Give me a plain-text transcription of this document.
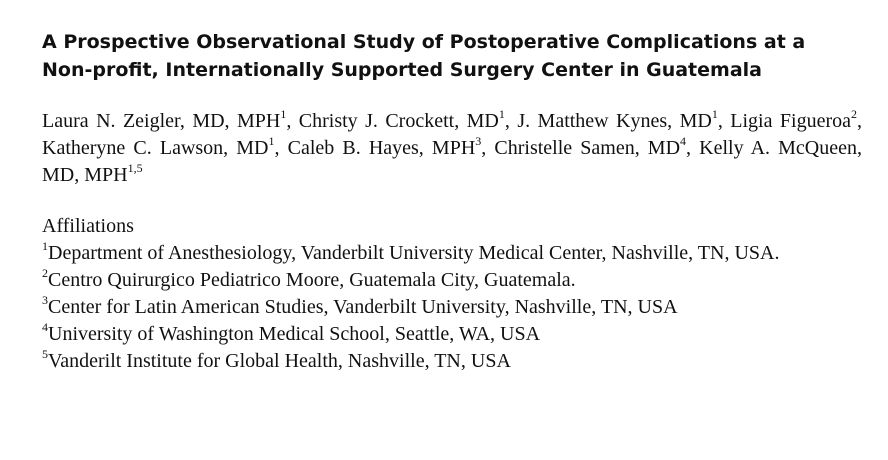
A Prospective Observational Study of Postoperative Complications at a Non-profit, Internationally Supported Surgery Center in Guatemala
Laura N. Zeigler, MD, MPH$^1$, Christy J. Crockett, $MD^1$, J. Matthew Kynes, $MD^1$, Ligia Figueroa$^2$, Katheryne C. Lawson, $MD^1$, Caleb B. Hayes, MPH$^3$, Christelle Samen, $MD^4$, Kelly A. McQueen, MD, MPH$^{1,5}$
Affiliations
$^1$Department of Anesthesiology, Vanderbilt University Medical Center, Nashville, TN, USA.
$^2$Centro Quirurgico Pediatrico Moore, Guatemala City, Guatemala.
$^3$Center for Latin American Studies, Vanderbilt University, Nashville, TN, USA
$^4$University of Washington Medical School, Seattle, WA, USA
$^5$Vanderilt Institute for Global Health, Nashville, TN, USA
